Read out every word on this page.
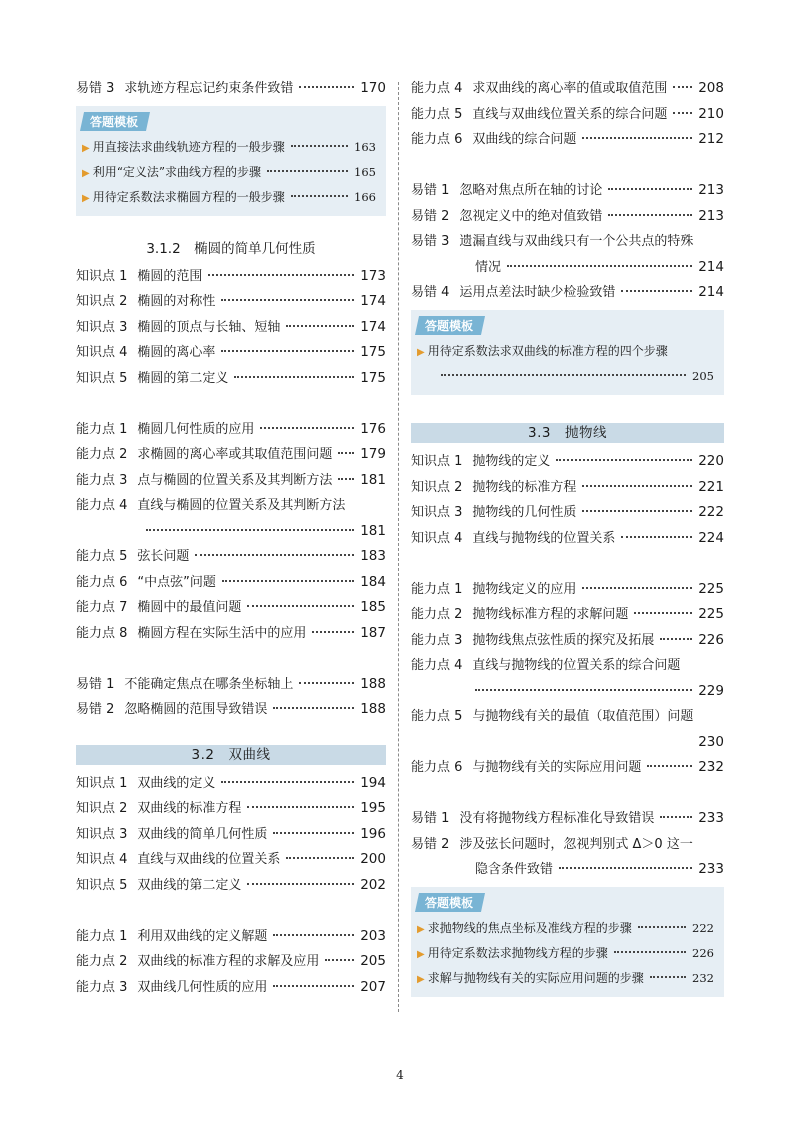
易错 3 求轨迹方程忘记约束条件致错	170
答题模板
▶ 用直接法求曲线轨迹方程的一般步骤	163
▶ 利用“定义法”求曲线方程的步骤	165
▶ 用待定系数法求椭圆方程的一般步骤	166
3.1.2　椭圆的简单几何性质
知识点 1 椭圆的范围	173
知识点 2 椭圆的对称性	174
知识点 3 椭圆的顶点与长轴、短轴	174
知识点 4 椭圆的离心率	175
知识点 5 椭圆的第二定义	175
能力点 1 椭圆几何性质的应用	176
能力点 2 求椭圆的离心率或其取值范围问题 179
能力点 3 点与椭圆的位置关系及其判断方法 181
能力点 4 直线与椭圆的位置关系及其判断方法
181
能力点 5 弦长问题	183
能力点 6 “中点弦”问题	184
能力点 7 椭圆中的最值问题	185
能力点 8 椭圆方程在实际生活中的应用	187
易错 1 不能确定焦点在哪条坐标轴上	188
易错 2 忽略椭圆的范围导致错误	188
3.2　双曲线
知识点 1 双曲线的定义	194
知识点 2 双曲线的标准方程	195
知识点 3 双曲线的简单几何性质	196
知识点 4 直线与双曲线的位置关系	200
知识点 5 双曲线的第二定义	202
能力点 1 利用双曲线的定义解题	203
能力点 2 双曲线的标准方程的求解及应用	205
能力点 3 双曲线几何性质的应用	207
能力点 4 求双曲线的离心率的值或取值范围 208
能力点 5 直线与双曲线位置关系的综合问题 210
能力点 6 双曲线的综合问题	212
易错 1 忽略对焦点所在轴的讨论	213
易错 2 忽视定义中的绝对值致错	213
易错 3 遗漏直线与双曲线只有一个公共点的特殊
情况	214
易错 4 运用点差法时缺少检验致错	214
答题模板
▶ 用待定系数法求双曲线的标准方程的四个步骤
205
3.3　抛物线
知识点 1 抛物线的定义	220
知识点 2 抛物线的标准方程	221
知识点 3 抛物线的几何性质	222
知识点 4 直线与抛物线的位置关系	224
能力点 1 抛物线定义的应用	225
能力点 2 抛物线标准方程的求解问题	225
能力点 3 抛物线焦点弦性质的探究及拓展	226
能力点 4 直线与抛物线的位置关系的综合问题
229
能力点 5 与抛物线有关的最值（取值范围）问题
230
能力点 6 与抛物线有关的实际应用问题	232
易错 1 没有将抛物线方程标准化导致错误	233
易错 2 涉及弦长问题时，忽视判别式 Δ＞0 这一
隐含条件致错	233
答题模板
▶ 求抛物线的焦点坐标及准线方程的步骤	222
▶ 用待定系数法求抛物线方程的步骤	226
▶ 求解与抛物线有关的实际应用问题的步骤	232
4
